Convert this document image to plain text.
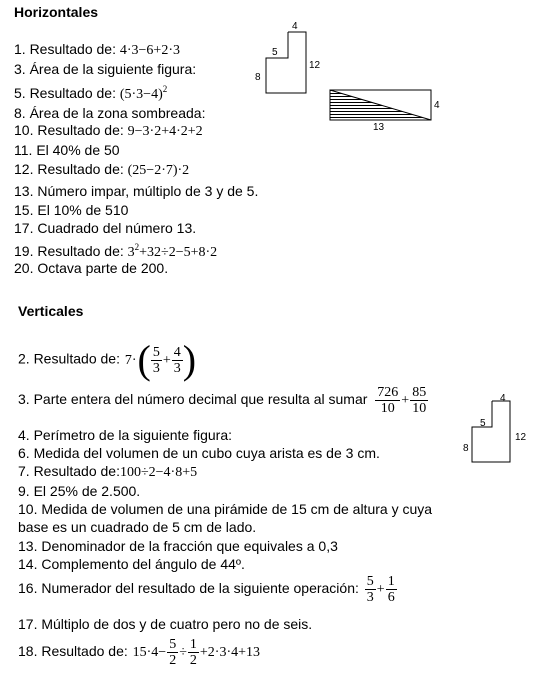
Horizontales
1. Resultado de: 4·3−6+2·3
3. Área de la siguiente figura:
5. Resultado de: $(5\cdot 3-4)^2$
8. Área de la zona sombreada:
10. Resultado de: 9−3·2+4·2+2
11. El 40% de 50
12. Resultado de: (25−2·7)·2
13. Número impar, múltiplo de 3 y de 5.
15. El 10% de 510
17. Cuadrado del número 13.
19. Resultado de: $3^2+32\div 2-5+8\cdot 2$
20. Octava parte de 200.
4
5
8
12
4
13
Verticales
2. Resultado de: $7\cdot( \frac{5}{3} + \frac{4}{3}$ )
3. Parte entera del número decimal que resulta al sumar $\frac{726}{10} + \frac{85}{10}$
4. Perímetro de la siguiente figura:
6. Medida del volumen de un cubo cuya arista es de 3 cm.
7. Resultado de:100÷2−4·8+5
9. El 25% de 2.500.
10. Medida de volumen de una pirámide de 15 cm de altura y cuya
base es un cuadrado de 5 cm de lado.
13. Denominador de la fracción que equivales a 0,3
14. Complemento del ángulo de 44º.
16. Numerador del resultado de la siguiente operación: $\frac{5}{3} + \frac{1}{6}$
17. Múltiplo de dos y de cuatro pero no de seis.
18. Resultado de: $15\cdot 4- \frac{5}{2} \div \frac{1}{2} +2\cdot 3\cdot 4+13$
4
5
8
12
